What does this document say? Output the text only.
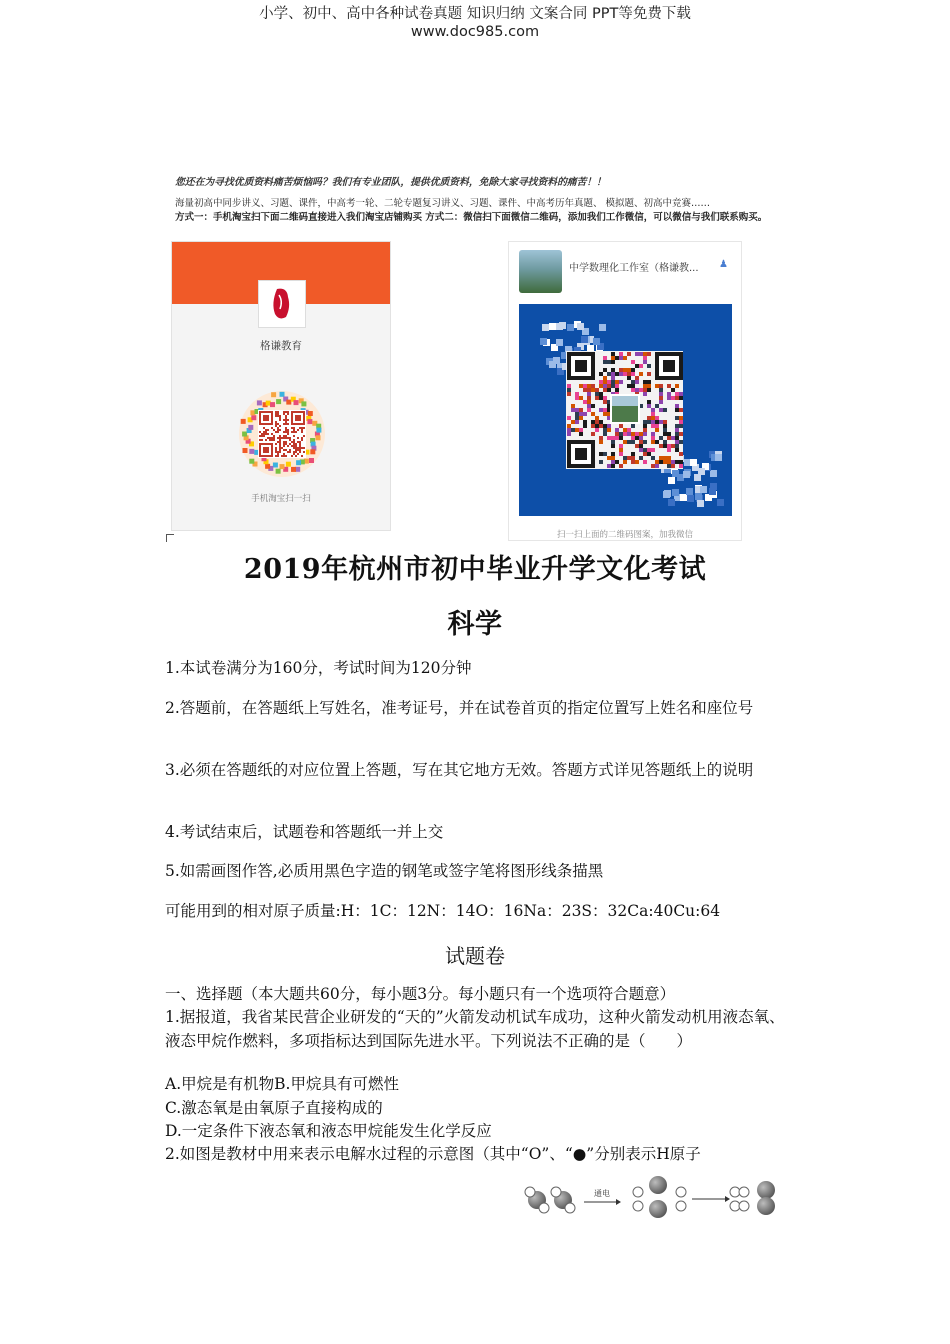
小学、初中、高中各种试卷真题 知识归纳 文案合同 PPT等免费下载
www.doc985.com
您还在为寻找优质资料痛苦烦恼吗？我们有专业团队，提供优质资料，免除大家寻找资料的痛苦！！
海量初高中同步讲义、习题、课件，中高考一轮、二轮专题复习讲义、习题、课件、中高考历年真题、 模拟题、初高中竞赛……
方式一：手机淘宝扫下面二维码直接进入我们淘宝店铺购买 方式二：微信扫下面微信二维码，添加我们工作微信，可以微信与我们联系购买。
格谦教育
手机淘宝扫一扫
中学数理化工作室（格谦教... ♟
扫一扫上面的二维码图案，加我微信
2019年杭州市初中毕业升学文化考试
科学
1.本试卷满分为160分，考试时间为120分钟
2.答题前，在答题纸上写姓名，准考证号，并在试卷首页的指定位置写上姓名和座位号
3.必须在答题纸的对应位置上答题，写在其它地方无效。答题方式详见答题纸上的说明
4.考试结束后，试题卷和答题纸一并上交
5.如需画图作答,必质用黑色字造的钢笔或签字笔将图形线条描黑
可能用到的相对原子质量:H：1C：12N：14O：16Na：23S：32Ca:40Cu:64
试题卷
一、选择题（本大题共60分，每小题3分。每小题只有一个选项符合题意）
1.据报道，我省某民营企业研发的“天的”火箭发动机试车成功，这种火箭发动机用液态氧、液态甲烷作燃料，多项指标达到国际先进水平。下列说法不正确的是（　　）
A.甲烷是有机物B.甲烷具有可燃性
C.激态氧是由氧原子直接构成的
D.一定条件下液态氧和液态甲烷能发生化学反应
2.如图是教材中用来表示电解水过程的示意图（其中“O”、“●”分别表示H原子
通电
